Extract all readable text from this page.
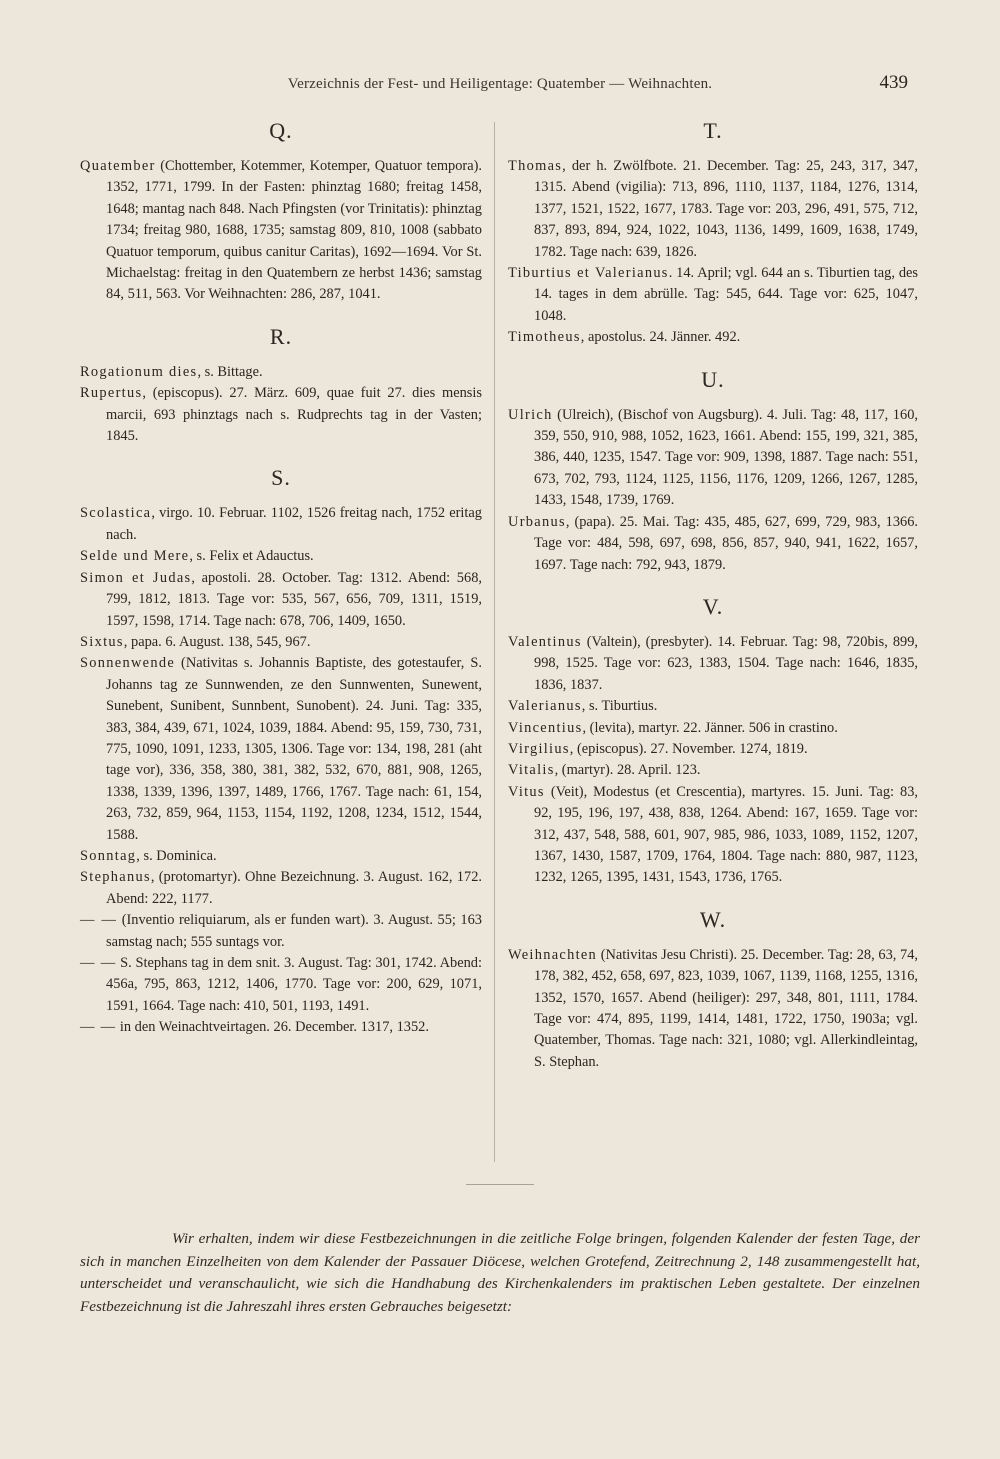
Verzeichnis der Fest- und Heiligentage: Quatember — Weihnachten.	439
Q.

Quatember (Chottember, Kotemmer, Kotemper, Quatuor tempora). 1352, 1771, 1799. In der Fasten: phinztag 1680; freitag 1458, 1648; mantag nach 848. Nach Pfingsten (vor Trinitatis): phinztag 1734; freitag 980, 1688, 1735; samstag 809, 810, 1008 (sabbato Quatuor temporum, quibus canitur Caritas), 1692—1694. Vor St. Michaelstag: freitag in den Quatembern ze herbst 1436; samstag 84, 511, 563. Vor Weihnachten: 286, 287, 1041.

R.

Rogationum dies, s. Bittage.

Rupertus, (episcopus). 27. März. 609, quae fuit 27. dies mensis marcii, 693 phinztags nach s. Rudprechts tag in der Vasten; 1845.

S.

Scolastica, virgo. 10. Februar. 1102, 1526 freitag nach, 1752 eritag nach.

Selde und Mere, s. Felix et Adauctus.

Simon et Judas, apostoli. 28. October. Tag: 1312. Abend: 568, 799, 1812, 1813. Tage vor: 535, 567, 656, 709, 1311, 1519, 1597, 1598, 1714. Tage nach: 678, 706, 1409, 1650.

Sixtus, papa. 6. August. 138, 545, 967.

Sonnenwende (Nativitas s. Johannis Baptiste, des gotestaufer, S. Johanns tag ze Sunnwenden, ze den Sunnwenten, Sunewent, Sunebent, Sunibent, Sunnbent, Sunobent). 24. Juni. Tag: 335, 383, 384, 439, 671, 1024, 1039, 1884. Abend: 95, 159, 730, 731, 775, 1090, 1091, 1233, 1305, 1306. Tage vor: 134, 198, 281 (aht tage vor), 336, 358, 380, 381, 382, 532, 670, 881, 908, 1265, 1338, 1339, 1396, 1397, 1489, 1766, 1767. Tage nach: 61, 154, 263, 732, 859, 964, 1153, 1154, 1192, 1208, 1234, 1512, 1544, 1588.

Sonntag, s. Dominica.

Stephanus, (protomartyr). Ohne Bezeichnung. 3. August. 162, 172. Abend: 222, 1177.

— — (Inventio reliquiarum, als er funden wart). 3. August. 55; 163 samstag nach; 555 suntags vor.

— — S. Stephans tag in dem snit. 3. August. Tag: 301, 1742. Abend: 456a, 795, 863, 1212, 1406, 1770. Tage vor: 200, 629, 1071, 1591, 1664. Tage nach: 410, 501, 1193, 1491.

— — in den Weinachtveirtagen. 26. December. 1317, 1352.

T.

Thomas, der h. Zwölfbote. 21. December. Tag: 25, 243, 317, 347, 1315. Abend (vigilia): 713, 896, 1110, 1137, 1184, 1276, 1314, 1377, 1521, 1522, 1677, 1783. Tage vor: 203, 296, 491, 575, 712, 837, 893, 894, 924, 1022, 1043, 1136, 1499, 1609, 1638, 1749, 1782. Tage nach: 639, 1826.

Tiburtius et Valerianus. 14. April; vgl. 644 an s. Tiburtien tag, des 14. tages in dem abrülle. Tag: 545, 644. Tage vor: 625, 1047, 1048.

Timotheus, apostolus. 24. Jänner. 492.

U.

Ulrich (Ulreich), (Bischof von Augsburg). 4. Juli. Tag: 48, 117, 160, 359, 550, 910, 988, 1052, 1623, 1661. Abend: 155, 199, 321, 385, 386, 440, 1235, 1547. Tage vor: 909, 1398, 1887. Tage nach: 551, 673, 702, 793, 1124, 1125, 1156, 1176, 1209, 1266, 1267, 1285, 1433, 1548, 1739, 1769.

Urbanus, (papa). 25. Mai. Tag: 435, 485, 627, 699, 729, 983, 1366. Tage vor: 484, 598, 697, 698, 856, 857, 940, 941, 1622, 1657, 1697. Tage nach: 792, 943, 1879.

V.

Valentinus (Valtein), (presbyter). 14. Februar. Tag: 98, 720bis, 899, 998, 1525. Tage vor: 623, 1383, 1504. Tage nach: 1646, 1835, 1836, 1837.

Valerianus, s. Tiburtius.

Vincentius, (levita), martyr. 22. Jänner. 506 in crastino.

Virgilius, (episcopus). 27. November. 1274, 1819.

Vitalis, (martyr). 28. April. 123.

Vitus (Veit), Modestus (et Crescentia), martyres. 15. Juni. Tag: 83, 92, 195, 196, 197, 438, 838, 1264. Abend: 167, 1659. Tage vor: 312, 437, 548, 588, 601, 907, 985, 986, 1033, 1089, 1152, 1207, 1367, 1430, 1587, 1709, 1764, 1804. Tage nach: 880, 987, 1123, 1232, 1265, 1395, 1431, 1543, 1736, 1765.

W.

Weihnachten (Nativitas Jesu Christi). 25. December. Tag: 28, 63, 74, 178, 382, 452, 658, 697, 823, 1039, 1067, 1139, 1168, 1255, 1316, 1352, 1570, 1657. Abend (heiliger): 297, 348, 801, 1111, 1784. Tage vor: 474, 895, 1199, 1414, 1481, 1722, 1750, 1903a; vgl. Quatember, Thomas. Tage nach: 321, 1080; vgl. Allerkindleintag, S. Stephan.

Wir erhalten, indem wir diese Festbezeichnungen in die zeitliche Folge bringen, folgenden Kalender der festen Tage, der sich in manchen Einzelheiten von dem Kalender der Passauer Diöcese, welchen Grotefend, Zeitrechnung 2, 148 zusammengestellt hat, unterscheidet und veranschaulicht, wie sich die Handhabung des Kirchenkalenders im praktischen Leben gestaltete. Der einzelnen Festbezeichnung ist die Jahreszahl ihres ersten Gebrauches beigesetzt:
